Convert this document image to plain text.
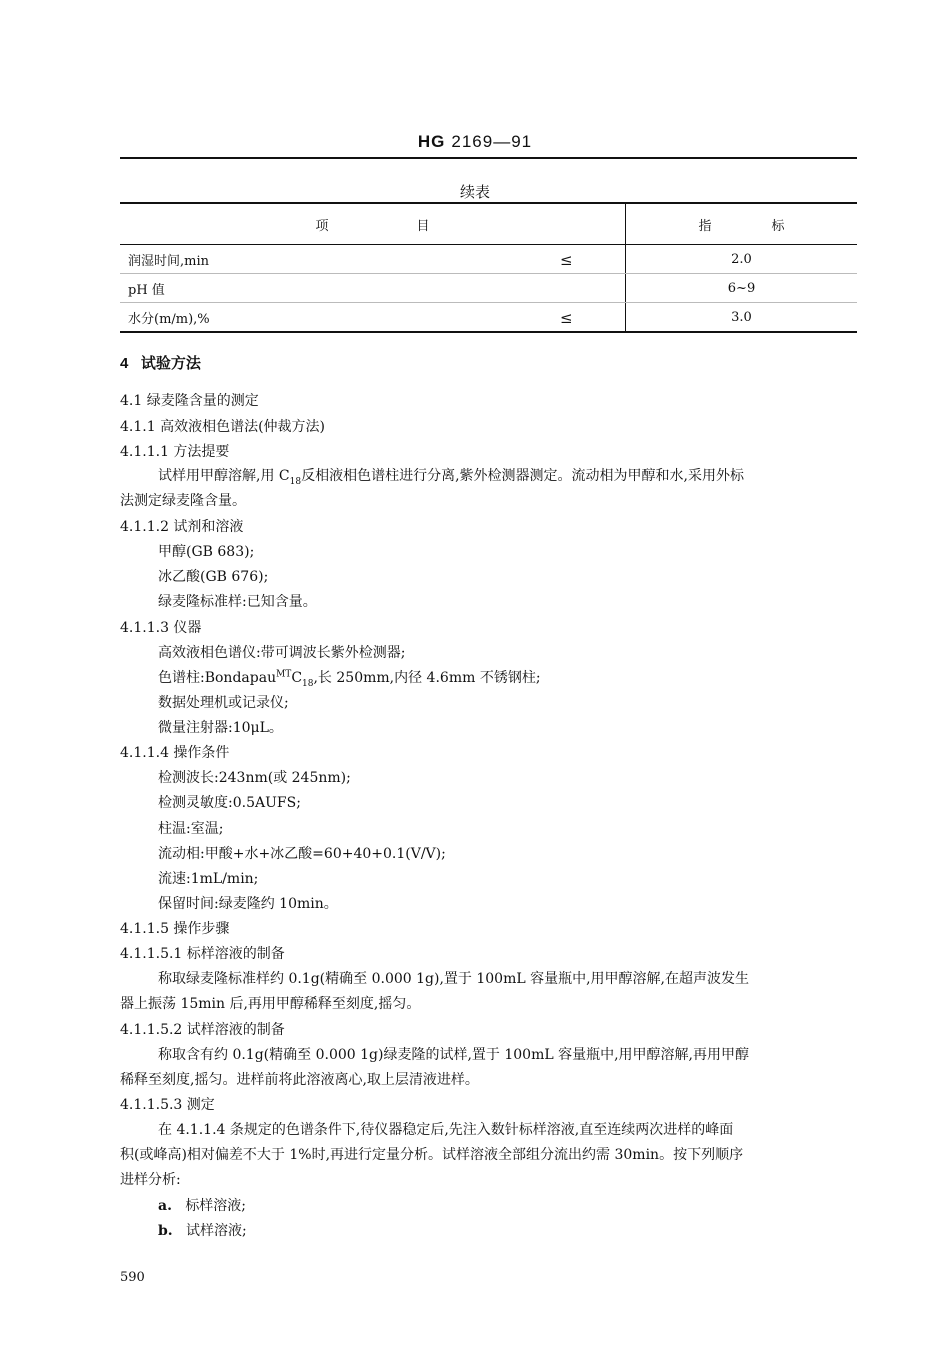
HG 2169—91
续表
项 目	指 标
润湿时间,min ≤	2.0
pH 值	6~9
水分(m/m),% ≤	3.0
4 试验方法
4.1 绿麦隆含量的测定
4.1.1 高效液相色谱法(仲裁方法)
4.1.1.1 方法提要
试样用甲醇溶解,用 $C_{18}$反相液相色谱柱进行分离,紫外检测器测定。流动相为甲醇和水,采用外标
法测定绿麦隆含量。
4.1.1.2 试剂和溶液
甲醇(GB 683);
冰乙酸(GB 676);
绿麦隆标准样:已知含量。
4.1.1.3 仪器
高效液相色谱仪:带可调波长紫外检测器;
色谱柱$:Bondapau^{MT}C_{18}$,长 250mm,内径 4.6mm 不锈钢柱;
数据处理机或记录仪;
微量注射器:10μL。
4.1.1.4 操作条件
检测波长:243nm(或 245nm);
检测灵敏度:0.5AUFS;
柱温:室温;
流动相:甲酸+水+冰乙酸=60+40+0.1(V/V);
流速:1mL/min;
保留时间:绿麦隆约 10min。
4.1.1.5 操作步骤
4.1.1.5.1 标样溶液的制备
称取绿麦隆标准样约 0.1g(精确至 0.000 1g),置于 100mL 容量瓶中,用甲醇溶解,在超声波发生
器上振荡 15min 后,再用甲醇稀释至刻度,摇匀。
4.1.1.5.2 试样溶液的制备
称取含有约 0.1g(精确至 0.000 1g)绿麦隆的试样,置于 100mL 容量瓶中,用甲醇溶解,再用甲醇
稀释至刻度,摇匀。进样前将此溶液离心,取上层清液进样。
4.1.1.5.3 测定
在 4.1.1.4 条规定的色谱条件下,待仪器稳定后,先注入数针标样溶液,直至连续两次进样的峰面
积(或峰高)相对偏差不大于 1%时,再进行定量分析。试样溶液全部组分流出约需 30min。按下列顺序
进样分析:
a. 标样溶液;
b. 试样溶液;
590
